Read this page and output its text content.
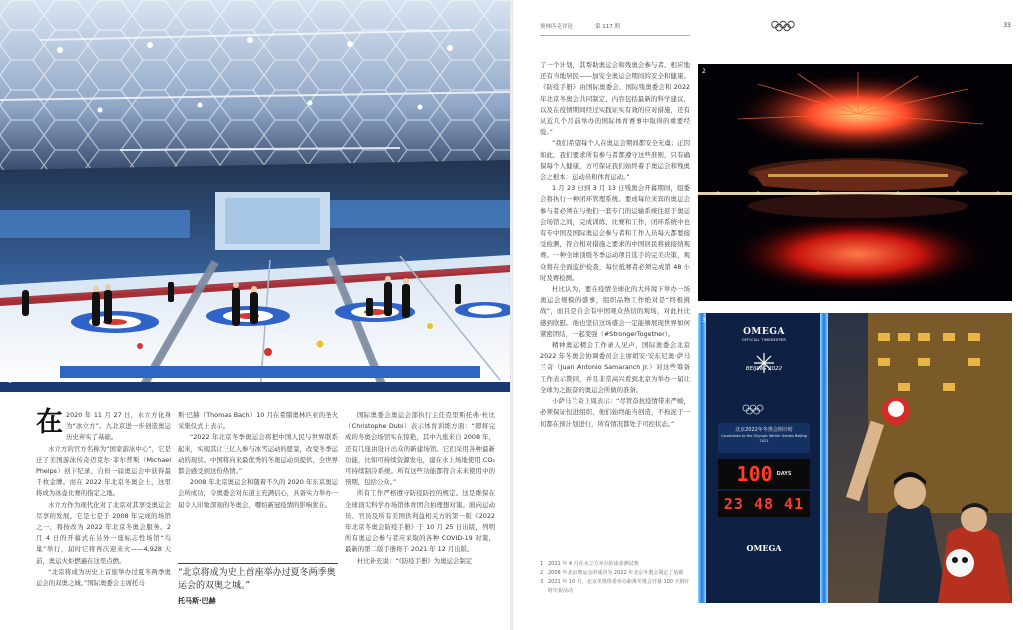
1

在 2020 年 11 月 27 日，水立方化身为“冰立方”。九北京进一步创造奥运历史弃实了基础。

水立方的官方名称为“国家游泳中心”，它是迁了美国游泳传奇迈克尔·菲尔普斯（Michael Phelps）创下纪录，自但一届奥运会中获得最千枚金牌。而在 2022 年北京冬奥会上，这里将成为冰壶比赛的指定之地。

水立方作为现代化对了北京对其享受奥运会尽享的发展。它是七是于 2008 年完成的场馆之一，将按改为 2022 年北京冬奥会服务。2 月 4 日的开幕式在另外一座标志性场馆“鸟巢”举行，届时它将再次迎来火——4,928 天前，奥运火炬燃遍在这里点燃。

“北京将成为历史上首座举办过夏冬两季奥运会的双奥之城。”国际奥委会主席托马

斯·巴赫（Thomas Bach）10 月在希腊奥林匹亚的圣火采集仪式上表示。

“2022 年北京冬季奥运会将把中国人民与世界联系起来，实现其让三亿人参与冰雪运动的愿景，改变冬季运动的现状。中国将向来最优秀的冬奥运动员提供，全世界都会感受到这份热情。”

2008 年北京奥运会和随着不久的 2020 年东京奥运会所成功，令奥委会对东道主充满信心，具备实力举办一届令人印象深刻的冬奥会，哪怕新冠疫情的影响犹在。

“北京将成为史上首座举办过夏冬两季奥运会的双奥之城。”
托马斯·巴赫

国际奥委会奥运会部执行主任克里斯托弗·杜比（Christophe Dubi）表示体育训练方面：“即将完成的冬奥会场馆实在惊艳，其中九座来自 2008 年，还有几座由设计出众的新建场馆。它们采用各种最新功能，比如可持续资源发电，建在水上场地使用 CO₂ 可持续制冷系统。所有这些功能都符合未来使用中的预期，包括公众。”

所有工作严格遵守防疫防控的规定。这是维保在全球顶尖科学办场馆体育团合拍理想对策。面向运动员、官员及所有美国供利益相关方的第一版《2022 年北京冬奥会防疫手册》于 10 月 25 日出版，列明所有奥运会参与者应采取的各种 COVID-19 对策，最新的第二版手册将于 2021 年 12 月出版。

杜比补充说：“《防疫手册》为奥运会制定

奥林匹克评论	第 117 期	33

了一个计划，其帮助奥运会和残奥会参与者、相应地还有当地居民——加安全奥运会期间的安全和健康。《防疫手册》由国际奥委会、国际残奥委会和 2022 年北京冬奥会共同制定，内容包括最新的科学建议，以及在疫情期间经过实践证实有效的应对措施，还有从近几个月前举办的国际体育赛事中取得的重要经验。”

“我们希望每个人在奥运会期间都安全无虞；正因如此，我们要求所有参与者都遵守这些准则，只有确保每个人健康，方可保证我们始终着手奥运会和残奥会之根本：运动员和体育运动。”

1 月 23 日到 3 月 13 日残奥会开幕期间，组委会将执行一种闭环管理系统。要成每位来宾的奥运会参与者必须在与他们一套专门的运输系统往返于奥运会场馆之间，完成训练、比赛和工作，闭环系统中也有专中国及国际奥运会参与者和工作人员每天都要接受检测，符合相对措施之要求的中国居民将被接纳观赛。一种全球顶级冬季运动项目选手的完美决策，观众将在全面监护检查，每位抵赛者必须完成第 48 小时及赛检测。

杜比认为，要在疫情全球化的大环境下举办一场奥运会规模的盛事，组织品物工作绝对是“终极挑战”，而且是自会有中国观众热切的观场，对此杜比感到欣慰。他也坚信这场盛会一定能够展现世界如何紧密团结，一起变强（#StrongerTogether）。

精神奥运精会工作录人见声，国际奥委会北京 2022 年冬奥会协调委员会主席胡安·安东尼奥·萨马兰奇（Juan Antonio Samaranch Jr.）对这些筹备工作表示赞同，并且非常高兴看到北京为举办一届让全球为之振奋的奥运会所做的准备。

小萨马兰奇上周表示：“尽管奋抗疫情带来严峻，必须保证恒进组织，他们始终能当创造，不拘泥于一切都在预计划进行，所有情况都处于可控状态。”

2
OMEGA
OFFICIAL TIMEKEEPER
BEIJING 2022
北京2022年冬奥会倒计时
Countdown to the Olympic Winter Games Beijing 2022
100 DAYS
23 48 41
OMEGA
3
1 2021 年 4 月在水立方举办的冰壶测试赛
2 2008 年北京奥运会的成功为 2022 年北京冬奥会奠定了基础
3 2021 年 10 月，北京冬奥组委举办距离冬奥会开幕 100 天倒计时庆祝活动
